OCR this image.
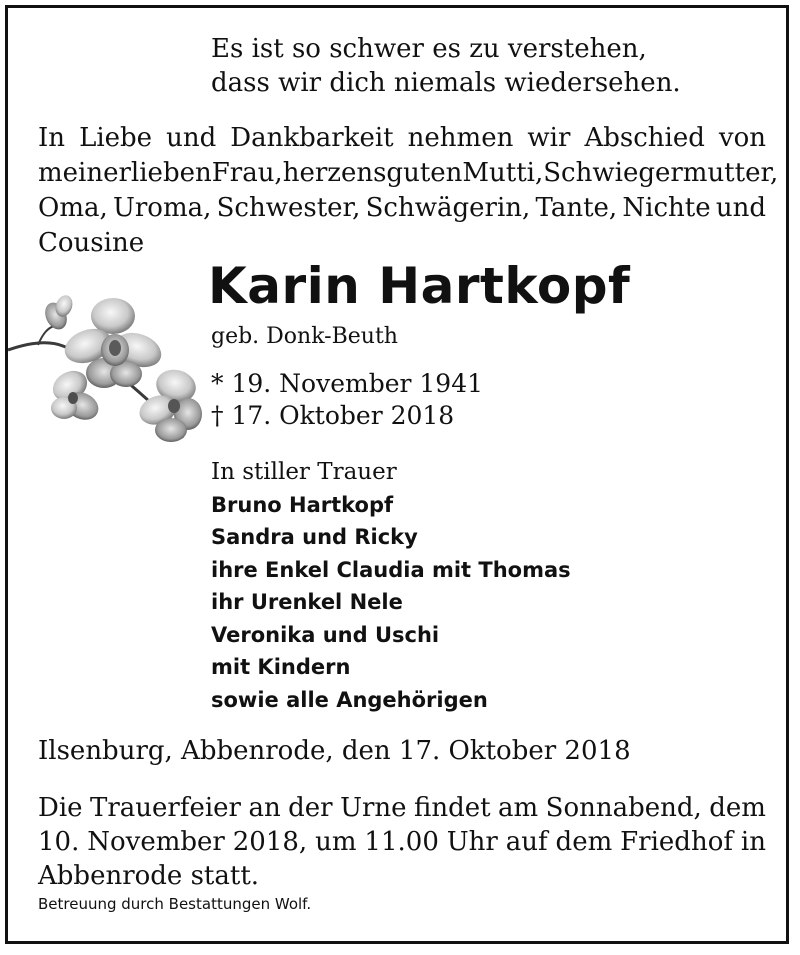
Es ist so schwer es zu verstehen,
dass wir dich niemals wiedersehen.
In Liebe und Dankbarkeit nehmen wir Abschied von
meiner lieben Frau, herzensguten Mutti, Schwiegermutter,
Oma, Uroma, Schwester, Schwägerin, Tante, Nichte und
Cousine
Karin Hartkopf
geb. Donk-Beuth
* 19. November 1941
† 17. Oktober 2018
In stiller Trauer
Bruno Hartkopf
Sandra und Ricky
ihre Enkel Claudia mit Thomas
ihr Urenkel Nele
Veronika und Uschi
mit Kindern
sowie alle Angehörigen
Ilsenburg, Abbenrode, den 17. Oktober 2018
Die Trauerfeier an der Urne findet am Sonnabend, dem
10. November 2018, um 11.00 Uhr auf dem Friedhof in
Abbenrode statt.
Betreuung durch Bestattungen Wolf.
